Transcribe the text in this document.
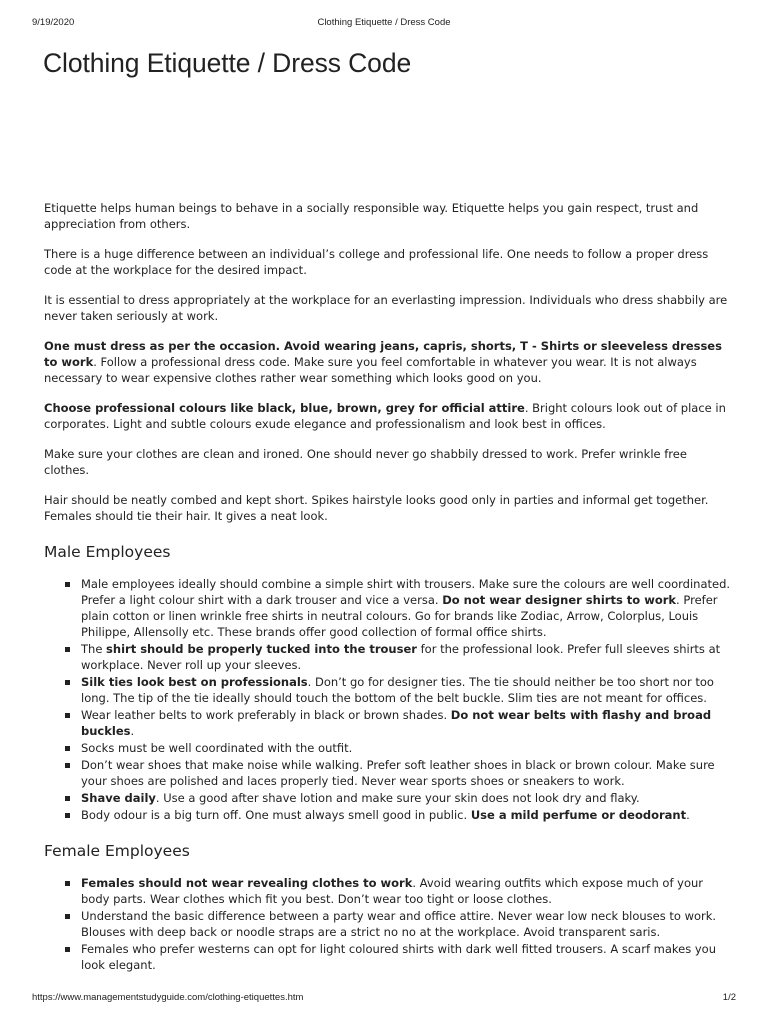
9/19/2020	Clothing Etiquette / Dress Code
Clothing Etiquette / Dress Code

Etiquette helps human beings to behave in a socially responsible way. Etiquette helps you gain respect, trust and appreciation from others.

There is a huge difference between an individual’s college and professional life. One needs to follow a proper dress code at the workplace for the desired impact.

It is essential to dress appropriately at the workplace for an everlasting impression. Individuals who dress shabbily are never taken seriously at work.

One must dress as per the occasion. Avoid wearing jeans, capris, shorts, T - Shirts or sleeveless dresses to work. Follow a professional dress code. Make sure you feel comfortable in whatever you wear. It is not always necessary to wear expensive clothes rather wear something which looks good on you.

Choose professional colours like black, blue, brown, grey for official attire. Bright colours look out of place in corporates. Light and subtle colours exude elegance and professionalism and look best in offices.

Make sure your clothes are clean and ironed. One should never go shabbily dressed to work. Prefer wrinkle free clothes.

Hair should be neatly combed and kept short. Spikes hairstyle looks good only in parties and informal get together. Females should tie their hair. It gives a neat look.

Male Employees
Male employees ideally should combine a simple shirt with trousers. Make sure the colours are well coordinated. Prefer a light colour shirt with a dark trouser and vice a versa. Do not wear designer shirts to work. Prefer plain cotton or linen wrinkle free shirts in neutral colours. Go for brands like Zodiac, Arrow, Colorplus, Louis Philippe, Allensolly etc. These brands offer good collection of formal office shirts.
The shirt should be properly tucked into the trouser for the professional look. Prefer full sleeves shirts at workplace. Never roll up your sleeves.
Silk ties look best on professionals. Don’t go for designer ties. The tie should neither be too short nor too long. The tip of the tie ideally should touch the bottom of the belt buckle. Slim ties are not meant for offices.
Wear leather belts to work preferably in black or brown shades. Do not wear belts with flashy and broad buckles.
Socks must be well coordinated with the outfit.
Don’t wear shoes that make noise while walking. Prefer soft leather shoes in black or brown colour. Make sure your shoes are polished and laces properly tied. Never wear sports shoes or sneakers to work.
Shave daily. Use a good after shave lotion and make sure your skin does not look dry and flaky.
Body odour is a big turn off. One must always smell good in public. Use a mild perfume or deodorant.
Female Employees
Females should not wear revealing clothes to work. Avoid wearing outfits which expose much of your body parts. Wear clothes which fit you best. Don’t wear too tight or loose clothes.
Understand the basic difference between a party wear and office attire. Never wear low neck blouses to work. Blouses with deep back or noodle straps are a strict no no at the workplace. Avoid transparent saris.
Females who prefer westerns can opt for light coloured shirts with dark well fitted trousers. A scarf makes you look elegant.
https://www.managementstudyguide.com/clothing-etiquettes.htm	1/2
